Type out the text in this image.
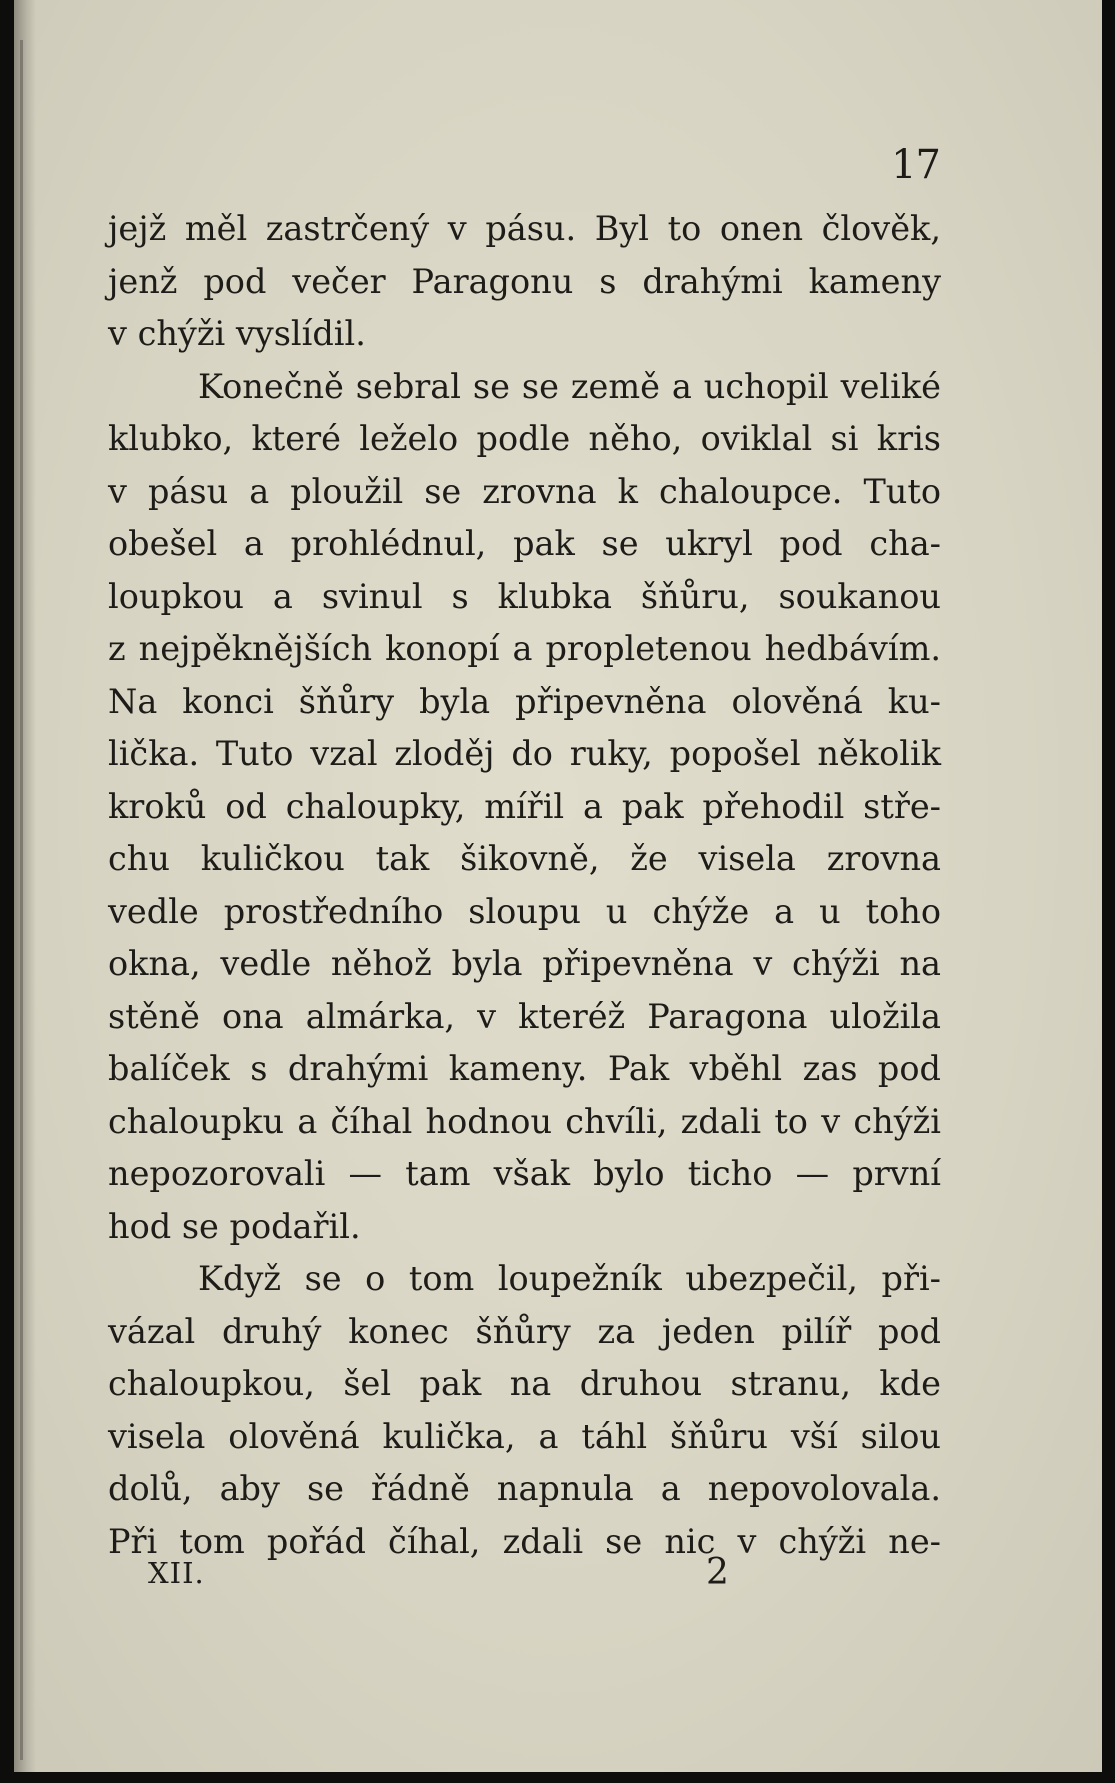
17
jejž měl zastrčený v pásu. Byl to onen člověk,
jenž pod večer Paragonu s drahými kameny
v chýži vyslídil.
Konečně sebral se se země a uchopil veliké
klubko, které leželo podle něho, oviklal si kris
v pásu a ploužil se zrovna k chaloupce. Tuto
obešel a prohlédnul, pak se ukryl pod cha-
loupkou a svinul s klubka šňůru, soukanou
z nejpěknějších konopí a propletenou hedbávím.
Na konci šňůry byla připevněna olověná ku-
lička. Tuto vzal zloděj do ruky, popošel několik
kroků od chaloupky, mířil a pak přehodil stře-
chu kuličkou tak šikovně, že visela zrovna
vedle prostředního sloupu u chýže a u toho
okna, vedle něhož byla připevněna v chýži na
stěně ona almárka, v kteréž Paragona uložila
balíček s drahými kameny. Pak vběhl zas pod
chaloupku a číhal hodnou chvíli, zdali to v chýži
nepozorovali — tam však bylo ticho — první
hod se podařil.
Když se o tom loupežník ubezpečil, při-
vázal druhý konec šňůry za jeden pilíř pod
chaloupkou, šel pak na druhou stranu, kde
visela olověná kulička, a táhl šňůru vší silou
dolů, aby se řádně napnula a nepovolovala.
Při tom pořád číhal, zdali se nic v chýži ne-
XII.	2
